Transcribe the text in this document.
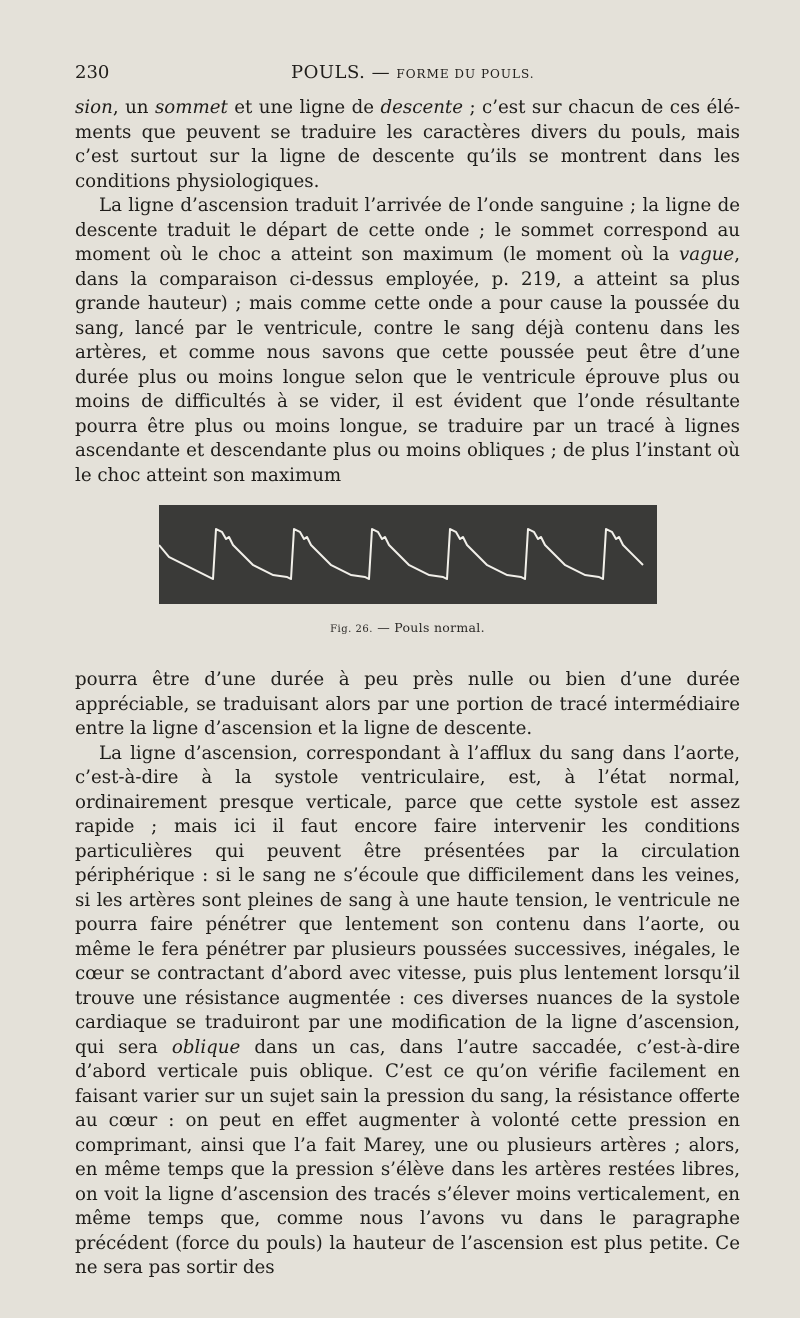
230	POULS. — FORME DU POULS.

sion, un sommet et une ligne de descente ; c’est sur chacun de ces éléments que peuvent se traduire les caractères divers du pouls, mais c’est surtout sur la ligne de descente qu’ils se montrent dans les conditions physiologiques.

La ligne d’ascension traduit l’arrivée de l’onde sanguine ; la ligne de descente traduit le départ de cette onde ; le sommet correspond au moment où le choc a atteint son maximum (le moment où la vague, dans la comparaison ci-dessus employée, p. 219, a atteint sa plus grande hauteur) ; mais comme cette onde a pour cause la poussée du sang, lancé par le ventricule, contre le sang déjà contenu dans les artères, et comme nous savons que cette poussée peut être d’une durée plus ou moins longue selon que le ventricule éprouve plus ou moins de difficultés à se vider, il est évident que l’onde résultante pourra être plus ou moins longue, se traduire par un tracé à lignes ascendante et descendante plus ou moins obliques ; de plus l’instant où le choc atteint son maximum

Fig. 26. — Pouls normal.

pourra être d’une durée à peu près nulle ou bien d’une durée appréciable, se traduisant alors par une portion de tracé intermédiaire entre la ligne d’ascension et la ligne de descente.

La ligne d’ascension, correspondant à l’afflux du sang dans l’aorte, c’est-à-dire à la systole ventriculaire, est, à l’état normal, ordinairement presque verticale, parce que cette systole est assez rapide ; mais ici il faut encore faire intervenir les conditions particulières qui peuvent être présentées par la circulation périphérique : si le sang ne s’écoule que difficilement dans les veines, si les artères sont pleines de sang à une haute tension, le ventricule ne pourra faire pénétrer que lentement son contenu dans l’aorte, ou même le fera pénétrer par plusieurs poussées successives, inégales, le cœur se contractant d’abord avec vitesse, puis plus lentement lorsqu’il trouve une résistance augmentée : ces diverses nuances de la systole cardiaque se traduiront par une modification de la ligne d’ascension, qui sera oblique dans un cas, dans l’autre saccadée, c’est-à-dire d’abord verticale puis oblique. C’est ce qu’on vérifie facilement en faisant varier sur un sujet sain la pression du sang, la résistance offerte au cœur : on peut en effet augmenter à volonté cette pression en comprimant, ainsi que l’a fait Marey, une ou plusieurs artères ; alors, en même temps que la pression s’élève dans les artères restées libres, on voit la ligne d’ascension des tracés s’élever moins verticalement, en même temps que, comme nous l’avons vu dans le paragraphe précédent (force du pouls) la hauteur de l’ascension est plus petite. Ce ne sera pas sortir des
